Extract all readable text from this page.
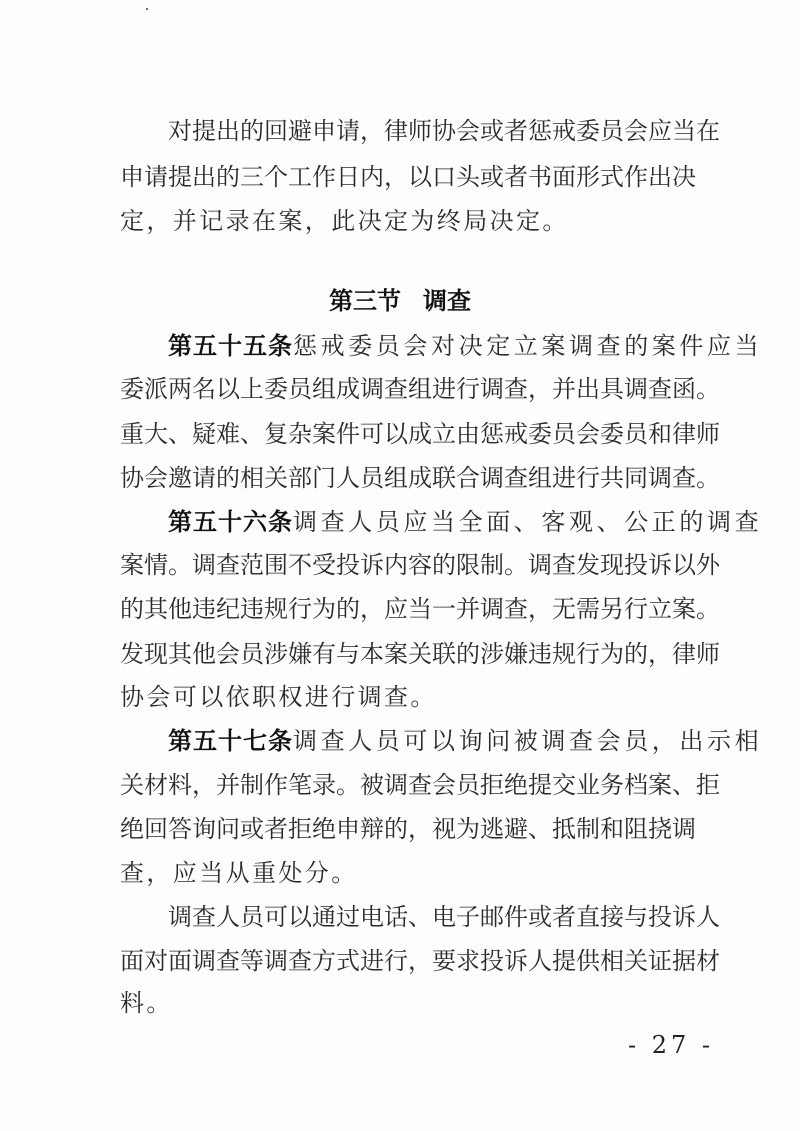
对提出的回避申请，律师协会或者惩戒委员会应当在
申请提出的三个工作日内，以口头或者书面形式作出决
定，并记录在案，此决定为终局决定。
第三节 调查
第五十五条 惩戒委员会对决定立案调查的案件应当
委派两名以上委员组成调查组进行调查，并出具调查函。
重大、疑难、复杂案件可以成立由惩戒委员会委员和律师
协会邀请的相关部门人员组成联合调查组进行共同调查。
第五十六条 调查人员应当全面、客观、公正的调查
案情。调查范围不受投诉内容的限制。调查发现投诉以外
的其他违纪违规行为的，应当一并调查，无需另行立案。
发现其他会员涉嫌有与本案关联的涉嫌违规行为的，律师
协会可以依职权进行调查。
第五十七条 调查人员可以询问被调查会员，出示相
关材料，并制作笔录。被调查会员拒绝提交业务档案、拒
绝回答询问或者拒绝申辩的，视为逃避、抵制和阻挠调
查，应当从重处分。
调查人员可以通过电话、电子邮件或者直接与投诉人
面对面调查等调查方式进行，要求投诉人提供相关证据材
料。
- 27 -
